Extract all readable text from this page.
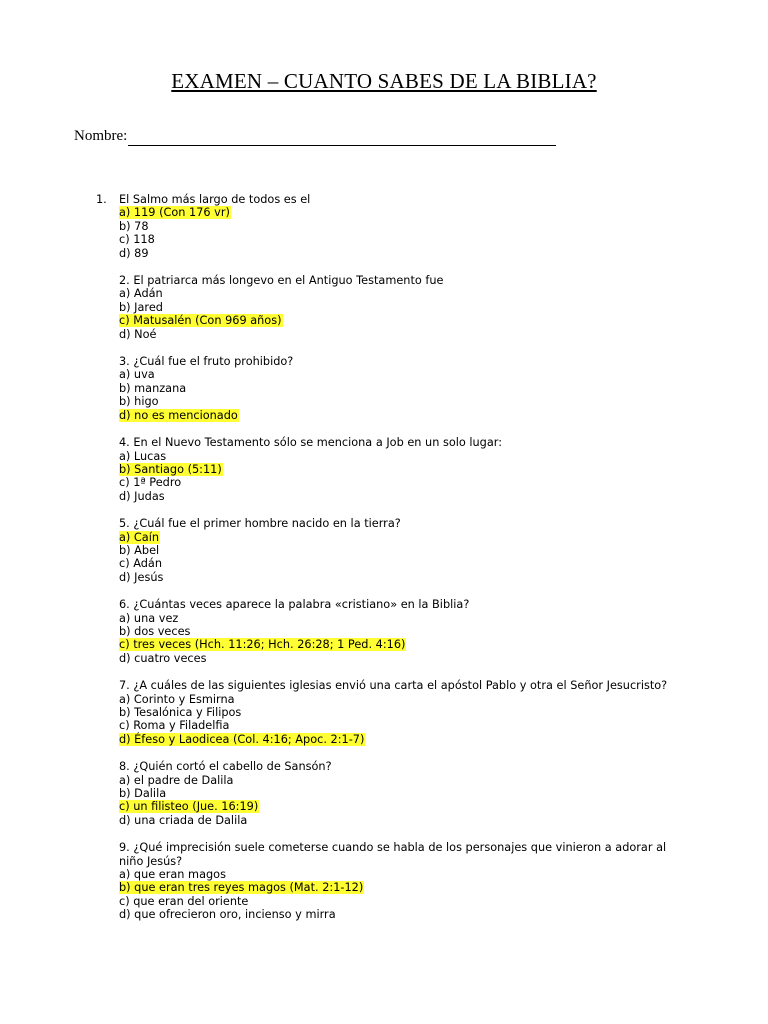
EXAMEN – CUANTO SABES DE LA BIBLIA?
Nombre:
1. El Salmo más largo de todos es el
a) 119 (Con 176 vr)
b) 78
c) 118
d) 89
2. El patriarca más longevo en el Antiguo Testamento fue
a) Adán
b) Jared
c) Matusalén (Con 969 años)
d) Noé
3. ¿Cuál fue el fruto prohibido?
a) uva
b) manzana
b) higo
d) no es mencionado
4. En el Nuevo Testamento sólo se menciona a Job en un solo lugar:
a) Lucas
b) Santiago (5:11)
c) 1ª Pedro
d) Judas
5. ¿Cuál fue el primer hombre nacido en la tierra?
a) Caín
b) Abel
c) Adán
d) Jesús
6. ¿Cuántas veces aparece la palabra «cristiano» en la Biblia?
a) una vez
b) dos veces
c) tres veces (Hch. 11:26; Hch. 26:28; 1 Ped. 4:16)
d) cuatro veces
7. ¿A cuáles de las siguientes iglesias envió una carta el apóstol Pablo y otra el Señor Jesucristo?
a) Corinto y Esmirna
b) Tesalónica y Filipos
c) Roma y Filadelfia
d) Éfeso y Laodicea (Col. 4:16; Apoc. 2:1-7)
8. ¿Quién cortó el cabello de Sansón?
a) el padre de Dalila
b) Dalila
c) un filisteo (Jue. 16:19)
d) una criada de Dalila
9. ¿Qué imprecisión suele cometerse cuando se habla de los personajes que vinieron a adorar al
niño Jesús?
a) que eran magos
b) que eran tres reyes magos (Mat. 2:1-12)
c) que eran del oriente
d) que ofrecieron oro, incienso y mirra
